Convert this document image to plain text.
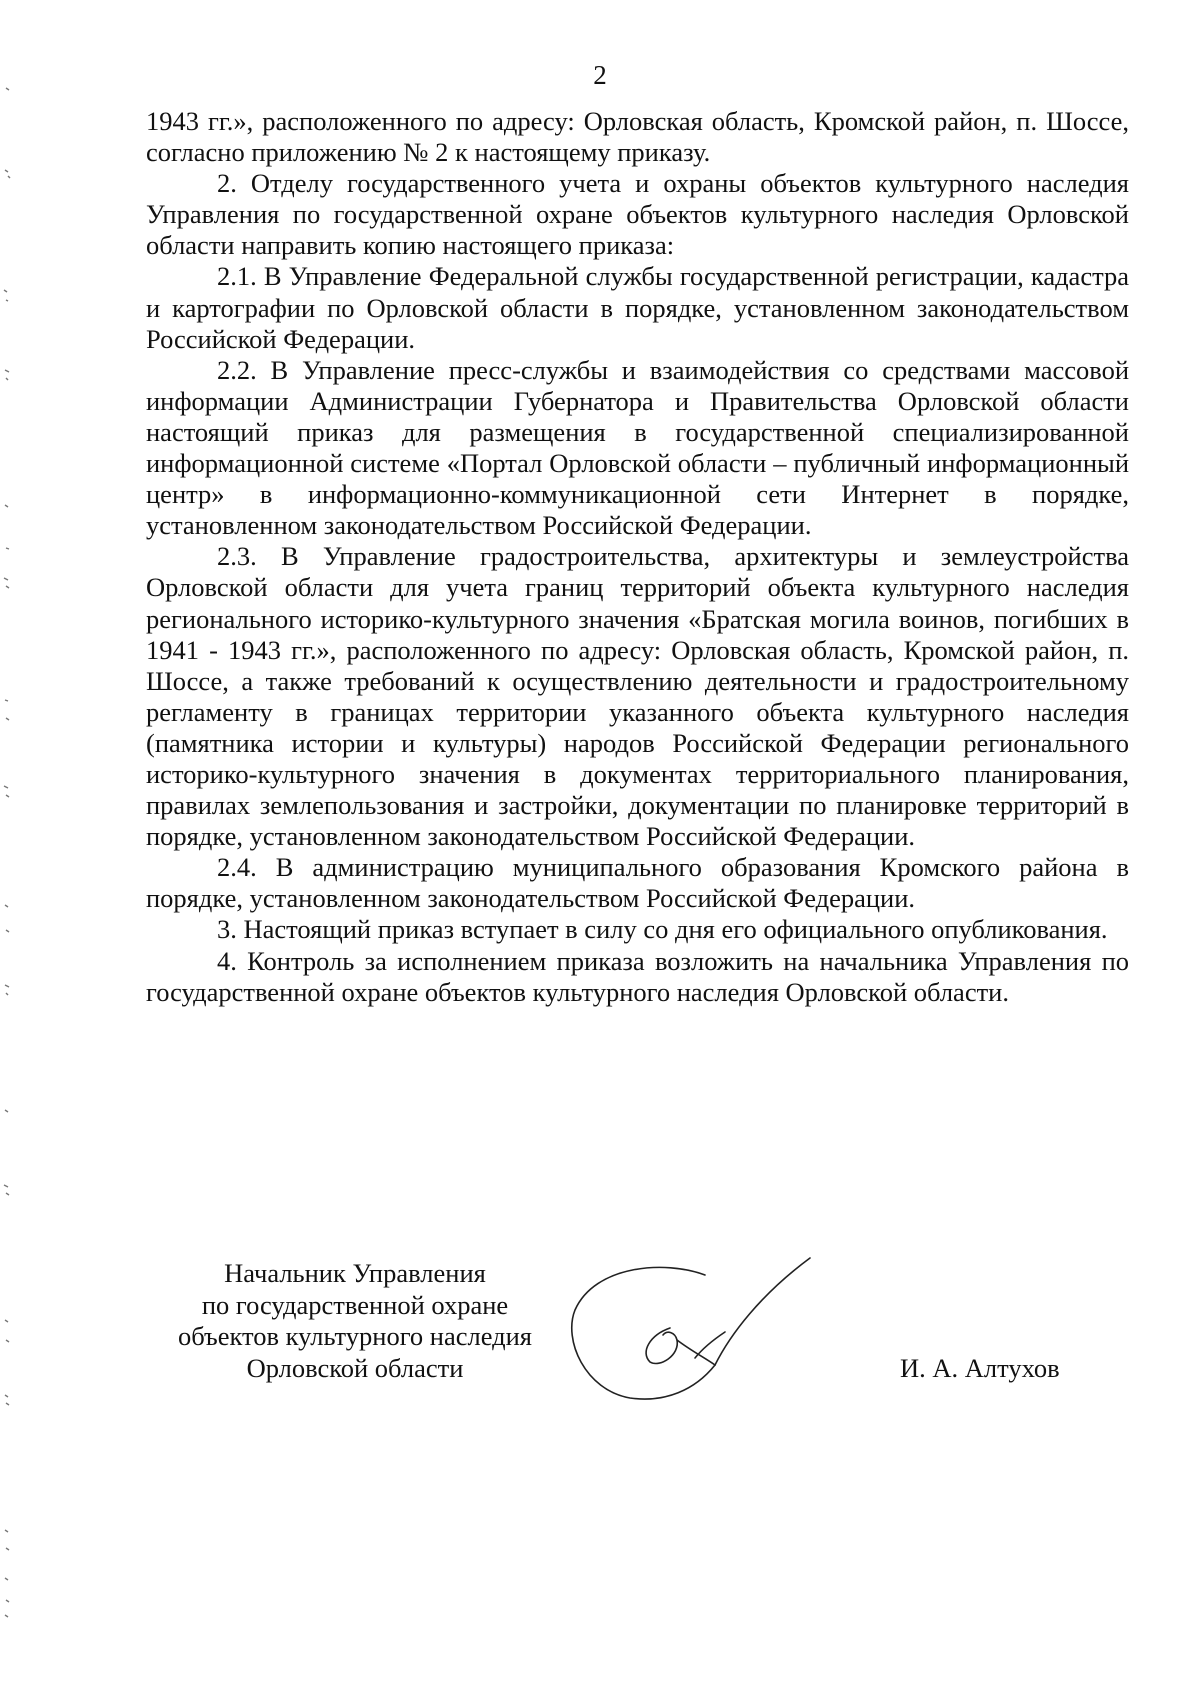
2

1943 гг.», расположенного по адресу: Орловская область, Кромской район, п. Шоссе, согласно приложению № 2 к настоящему приказу.

2. Отделу государственного учета и охраны объектов культурного наследия Управления по государственной охране объектов культурного наследия Орловской области направить копию настоящего приказа:

2.1. В Управление Федеральной службы государственной регистрации, кадастра и картографии по Орловской области в порядке, установленном законодательством Российской Федерации.

2.2. В Управление пресс-службы и взаимодействия со средствами массовой информации Администрации Губернатора и Правительства Орловской области настоящий приказ для размещения в государственной специализированной информационной системе «Портал Орловской области – публичный информационный центр» в информационно-коммуникационной сети Интернет в порядке, установленном законодательством Российской Федерации.

2.3. В Управление градостроительства, архитектуры и землеустройства Орловской области для учета границ территорий объекта культурного наследия регионального историко-культурного значения «Братская могила воинов, погибших в 1941 - 1943 гг.», расположенного по адресу: Орловская область, Кромской район, п. Шоссе, а также требований к осуществлению деятельности и градостроительному регламенту в границах территории указанного объекта культурного наследия (памятника истории и культуры) народов Российской Федерации регионального историко-культурного значения в документах территориального планирования, правилах землепользования и застройки, документации по планировке территорий в порядке, установленном законодательством Российской Федерации.

2.4. В администрацию муниципального образования Кромского района в порядке, установленном законодательством Российской Федерации.

3. Настоящий приказ вступает в силу со дня его официального опубликования.

4. Контроль за исполнением приказа возложить на начальника Управления по государственной охране объектов культурного наследия Орловской области.

Начальник Управления
по государственной охране
объектов культурного наследия
Орловской области	И. А. Алтухов
